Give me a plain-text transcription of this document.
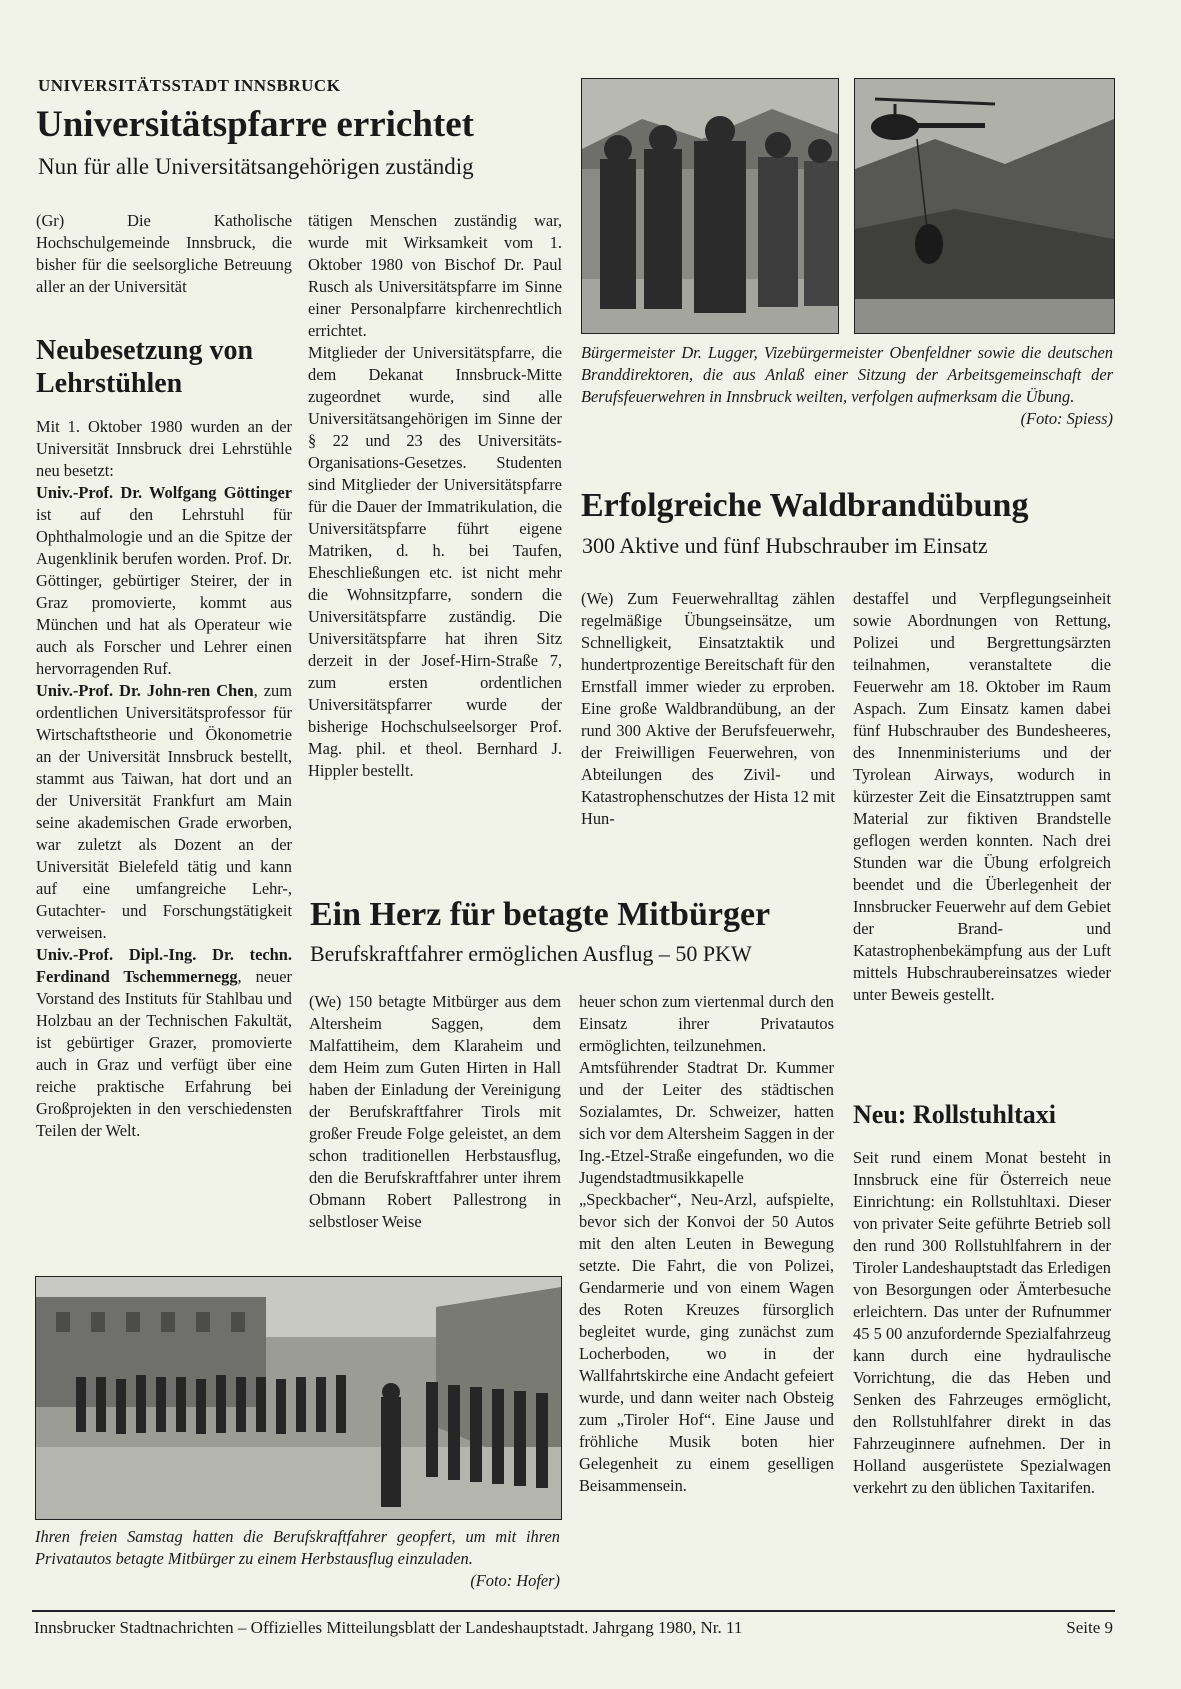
UNIVERSITÄTSSTADT INNSBRUCK
Universitätspfarre errichtet
Nun für alle Universitätsangehörigen zuständig

(Gr) Die Katholische Hochschulgemeinde Innsbruck, die bisher für die seelsorgliche Betreuung aller an der Universität

Neubesetzung von Lehrstühlen

Mit 1. Oktober 1980 wurden an der Universität Innsbruck drei Lehrstühle neu besetzt:

Univ.-Prof. Dr. Wolfgang Göttinger ist auf den Lehrstuhl für Ophthalmologie und an die Spitze der Augenklinik berufen worden. Prof. Dr. Göttinger, gebürtiger Steirer, der in Graz promovierte, kommt aus München und hat als Operateur wie auch als Forscher und Lehrer einen hervorragenden Ruf.

Univ.-Prof. Dr. John-ren Chen, zum ordentlichen Universitätsprofessor für Wirtschaftstheorie und Ökonometrie an der Universität Innsbruck bestellt, stammt aus Taiwan, hat dort und an der Universität Frankfurt am Main seine akademischen Grade erworben, war zuletzt als Dozent an der Universität Bielefeld tätig und kann auf eine umfangreiche Lehr-, Gutachter- und Forschungstätigkeit verweisen.

Univ.-Prof. Dipl.-Ing. Dr. techn. Ferdinand Tschemmernegg, neuer Vorstand des Instituts für Stahlbau und Holzbau an der Technischen Fakultät, ist gebürtiger Grazer, promovierte auch in Graz und verfügt über eine reiche praktische Erfahrung bei Großprojekten in den verschiedensten Teilen der Welt.

tätigen Menschen zuständig war, wurde mit Wirksamkeit vom 1. Oktober 1980 von Bischof Dr. Paul Rusch als Universitätspfarre im Sinne einer Personalpfarre kirchenrechtlich errichtet.

Mitglieder der Universitätspfarre, die dem Dekanat Innsbruck-Mitte zugeordnet wurde, sind alle Universitätsangehörigen im Sinne der § 22 und 23 des Universitäts-Organisations-Gesetzes. Studenten sind Mitglieder der Universitätspfarre für die Dauer der Immatrikulation, die Universitätspfarre führt eigene Matriken, d. h. bei Taufen, Eheschließungen etc. ist nicht mehr die Wohnsitzpfarre, sondern die Universitätspfarre zuständig. Die Universitätspfarre hat ihren Sitz derzeit in der Josef-Hirn-Straße 7, zum ersten ordentlichen Universitätspfarrer wurde der bisherige Hochschulseelsorger Prof. Mag. phil. et theol. Bernhard J. Hippler bestellt.

Bürgermeister Dr. Lugger, Vizebürgermeister Obenfeldner sowie die deutschen Branddirektoren, die aus Anlaß einer Sitzung der Arbeitsgemeinschaft der Berufsfeuerwehren in Innsbruck weilten, verfolgen aufmerksam die Übung.
(Foto: Spiess)
Erfolgreiche Waldbrandübung
300 Aktive und fünf Hubschrauber im Einsatz

(We) Zum Feuerwehralltag zählen regelmäßige Übungseinsätze, um Schnelligkeit, Einsatztaktik und hundertprozentige Bereitschaft für den Ernstfall immer wieder zu erproben. Eine große Waldbrandübung, an der rund 300 Aktive der Berufsfeuerwehr, der Freiwilligen Feuerwehren, von Abteilungen des Zivil- und Katastrophenschutzes der Hista 12 mit Hun-

destaffel und Verpflegungseinheit sowie Abordnungen von Rettung, Polizei und Bergrettungsärzten teilnahmen, veranstaltete die Feuerwehr am 18. Oktober im Raum Aspach. Zum Einsatz kamen dabei fünf Hubschrauber des Bundesheeres, des Innenministeriums und der Tyrolean Airways, wodurch in kürzester Zeit die Einsatztruppen samt Material zur fiktiven Brandstelle geflogen werden konnten. Nach drei Stunden war die Übung erfolgreich beendet und die Überlegenheit der Innsbrucker Feuerwehr auf dem Gebiet der Brand- und Katastrophenbekämpfung aus der Luft mittels Hubschraubereinsatzes wieder unter Beweis gestellt.

Ein Herz für betagte Mitbürger
Berufskraftfahrer ermöglichen Ausflug – 50 PKW

(We) 150 betagte Mitbürger aus dem Altersheim Saggen, dem Malfattiheim, dem Klaraheim und dem Heim zum Guten Hirten in Hall haben der Einladung der Vereinigung der Berufskraftfahrer Tirols mit großer Freude Folge geleistet, an dem schon traditionellen Herbstausflug, den die Berufskraftfahrer unter ihrem Obmann Robert Pallestrong in selbstloser Weise

heuer schon zum viertenmal durch den Einsatz ihrer Privatautos ermöglichten, teilzunehmen.

Amtsführender Stadtrat Dr. Kummer und der Leiter des städtischen Sozialamtes, Dr. Schweizer, hatten sich vor dem Altersheim Saggen in der Ing.-Etzel-Straße eingefunden, wo die Jugendstadtmusikkapelle „Speckbacher“, Neu-Arzl, aufspielte, bevor sich der Konvoi der 50 Autos mit den alten Leuten in Bewegung setzte. Die Fahrt, die von Polizei, Gendarmerie und von einem Wagen des Roten Kreuzes fürsorglich begleitet wurde, ging zunächst zum Locherboden, wo in der Wallfahrtskirche eine Andacht gefeiert wurde, und dann weiter nach Obsteig zum „Tiroler Hof“. Eine Jause und fröhliche Musik boten hier Gelegenheit zu einem geselligen Beisammensein.

Ihren freien Samstag hatten die Berufskraftfahrer geopfert, um mit ihren Privatautos betagte Mitbürger zu einem Herbstausflug einzuladen.
(Foto: Hofer)
Neu: Rollstuhltaxi

Seit rund einem Monat besteht in Innsbruck eine für Österreich neue Einrichtung: ein Rollstuhltaxi. Dieser von privater Seite geführte Betrieb soll den rund 300 Rollstuhlfahrern in der Tiroler Landeshauptstadt das Erledigen von Besorgungen oder Ämterbesuche erleichtern. Das unter der Rufnummer 45 5 00 anzufordernde Spezialfahrzeug kann durch eine hydraulische Vorrichtung, die das Heben und Senken des Fahrzeuges ermöglicht, den Rollstuhlfahrer direkt in das Fahrzeuginnere aufnehmen. Der in Holland ausgerüstete Spezialwagen verkehrt zu den üblichen Taxitarifen.

Innsbrucker Stadtnachrichten – Offizielles Mitteilungsblatt der Landeshauptstadt. Jahrgang 1980, Nr. 11	Seite 9
